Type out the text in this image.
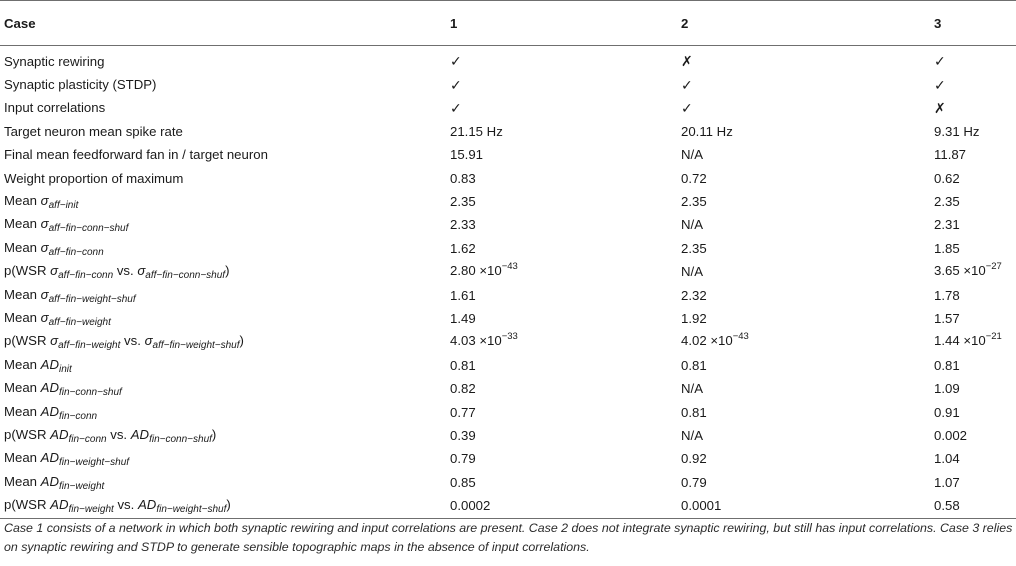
Case	1	2	3

Synaptic rewiring	✓	✗	✓
Synaptic plasticity (STDP)	✓	✓	✓
Input correlations	✓	✓	✗
Target neuron mean spike rate	21.15 Hz	20.11 Hz	9.31 Hz
Final mean feedforward fan in / target neuron	15.91	N/A	11.87
Weight proportion of maximum	0.83	0.72	0.62
Mean $\sigma_{aff-init}$	2.35	2.35	2.35
Mean $\sigma_{aff-fin-conn-shuf}$	2.33	N/A	2.31
Mean $\sigma_{aff-fin-conn}$	1.62	2.35	1.85
p(WSR $\sigma_{aff-fin-conn}$ vs. $\sigma_{aff-fin-conn-shuf}$)	$2.80 \times 10^{-43}$	N/A	$3.65 \times 10^{-27}$
Mean $\sigma_{aff-fin-weight-shuf}$	1.61	2.32	1.78
Mean $\sigma_{aff-fin-weight}$	1.49	1.92	1.57
p(WSR $\sigma_{aff-fin-weight}$ vs. $\sigma_{aff-fin-weight-shuf}$)	$4.03 \times 10^{-33}$	$4.02 \times 10^{-43}$	$1.44 \times 10^{-21}$
Mean $AD_{init}$	0.81	0.81	0.81
Mean $AD_{fin-conn-shuf}$	0.82	N/A	1.09
Mean $AD_{fin-conn}$	0.77	0.81	0.91
p(WSR $AD_{fin-conn}$ vs. $AD_{fin-conn-shuf}$)	0.39	N/A	0.002
Mean $AD_{fin-weight-shuf}$	0.79	0.92	1.04
Mean $AD_{fin-weight}$	0.85	0.79	1.07
p(WSR $AD_{fin-weight}$ vs. $AD_{fin-weight-shuf}$)	0.0002	0.0001	0.58
Case 1 consists of a network in which both synaptic rewiring and input correlations are present. Case 2 does not integrate synaptic rewiring, but still has input correlations. Case 3 relies on synaptic rewiring and STDP to generate sensible topographic maps in the absence of input correlations.
